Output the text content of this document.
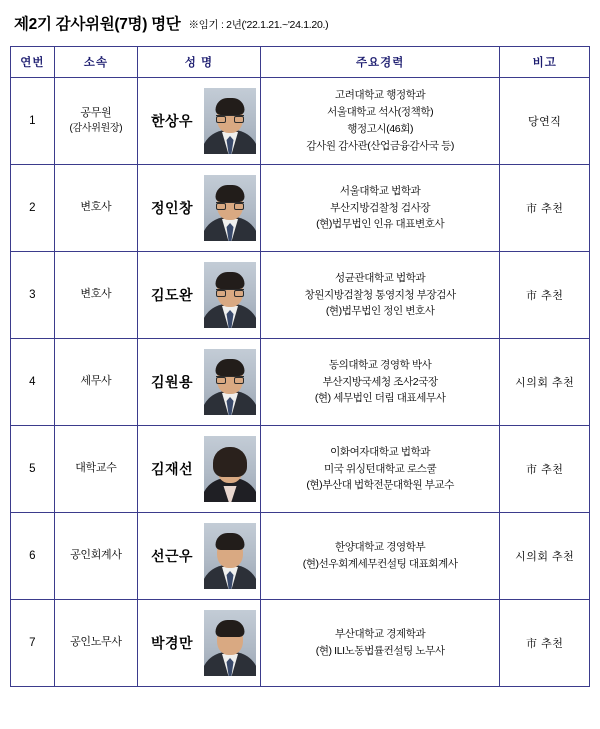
제2기 감사위원(7명) 명단 ※임기 : 2년('22.1.21.~'24.1.20.)
연번	소속	성 명	주요경력	비고
1	공무원
(감사위원장)	한상우	고려대학교 행정학과
서울대학교 석사(정책학)
행정고시(46회)
감사원 감사관(산업금융감사국 등)	당연직
2	변호사	정인창	서울대학교 법학과
부산지방검찰청 검사장
(현)법무법인 인유 대표변호사	市 추천
3	변호사	김도완	성균관대학교 법학과
창원지방검찰청 통영지청 부장검사
(현)법무법인 정인 변호사	市 추천
4	세무사	김원용	동의대학교 경영학 박사
부산지방국세청 조사2국장
(현) 세무법인 더림 대표세무사	시의회 추천
5	대학교수	김재선	이화여자대학교 법학과
미국 위싱턴대학교 로스쿨
(현)부산대 법학전문대학원 부교수	市 추천
6	공인회계사	선근우	한양대학교 경영학부
(현)선우회계세무컨설팅 대표회계사	시의회 추천
7	공인노무사	박경만	부산대학교 경제학과
(현) ILI노동법률컨설팅 노무사	市 추천
